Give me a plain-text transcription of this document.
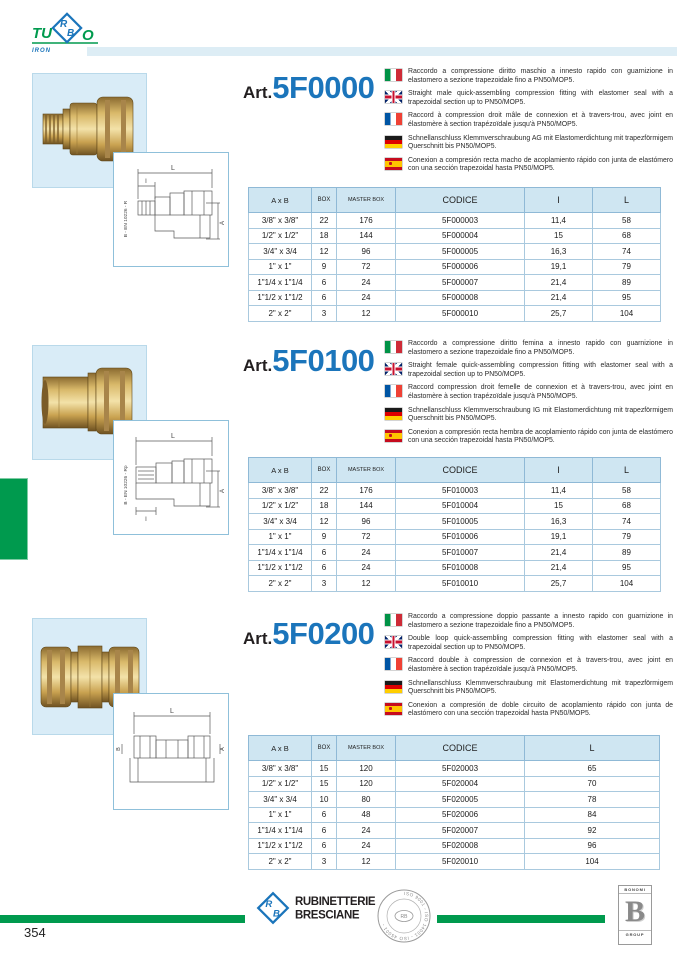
TU
R
B O
IRON
L
I
A
B - EN 10226 - R
Art. 5F0000	Raccordo a compressione diritto maschio a innesto rapido con guarnizione in elastomero a sezione trapezoidale fino a PN50/MOP5.
Straight male quick-assembling compression fitting with elastomer seal with a trapezoidal section up to PN50/MOP5.
Raccord à compression droit mâle de connexion et à travers-trou, avec joint en élastomère à section trapézoïdale jusqu'à PN50/MOP5.
Schnellanschluss Klemmverschraubung AG mit Elastomerdichtung mit trapezförmigem Querschnitt bis PN50/MOP5.
Conexion a compresión recta macho de acoplamiento rápido con junta de elastómero con una sección trapezoidal hasta PN50/MOP5.
A x B	BOX	MASTER BOX	CODICE	I	L
3/8" x 3/8"	22	176	5F000003	11,4	58
1/2" x 1/2"	18	144	5F000004	15	68
3/4" x 3/4	12	96	5F000005	16,3	74
1" x 1"	9	72	5F000006	19,1	79
1"1/4 x 1"1/4	6	24	5F000007	21,4	89
1"1/2 x 1"1/2	6	24	5F000008	21,4	95
2" x 2"	3	12	5F000010	25,7	104
L
I
A
B - EN 10226 - Rp
Art. 5F0100	Raccordo a compressione diritto femina a innesto rapido con guarnizione in elastomero a sezione trapezoidale fino a PN50/MOP5.
Straight female quick-assembling compression fitting with elastomer seal with a trapezoidal section up to PN50/MOP5.
Raccord compression droit femelle de connexion et à travers-trou, avec joint en élastomère à section trapézoïdale jusqu'à PN50/MOP5.
Schnellanschluss Klemmverschraubung IG mit Elastomerdichtung mit trapezförmigem Querschnitt bis PN50/MOP5.
Conexion a compresión recta hembra de acoplamiento rápido con junta de elastómero con una sección trapezoidal hasta PN50/MOP5.
A x B	BOX	MASTER BOX	CODICE	I	L
3/8" x 3/8"	22	176	5F010003	11,4	58
1/2" x 1/2"	18	144	5F010004	15	68
3/4" x 3/4	12	96	5F010005	16,3	74
1" x 1"	9	72	5F010006	19,1	79
1"1/4 x 1"1/4	6	24	5F010007	21,4	89
1"1/2 x 1"1/2	6	24	5F010008	21,4	95
2" x 2"	3	12	5F010010	25,7	104
L
B	A
Art. 5F0200	Raccordo a compressione doppio passante a innesto rapido con guarnizione in elastomero a sezione trapezoidale fino a PN50/MOP5.
Double loop quick-assembling compression fitting with elastomer seal with a trapezoidal section up to PN50/MOP5.
Raccord double à compression de connexion et à travers-trou, avec joint en élastomère à section trapézoïdale jusqu'à PN50/MOP5.
Schnellanschluss Klemmverschraubung mit Elastomerdichtung mit trapezförmigem Querschnitt bis PN50/MOP5.
Conexion a compresión de doble circuito de acoplamiento rápido con junta de elastómero con una sección trapezoidal hasta PN50/MOP5.
A x B	BOX	MASTER BOX	CODICE	L
3/8" x 3/8"	15	120	5F020003	65
1/2" x 1/2"	15	120	5F020004	70
3/4" x 3/4	10	80	5F020005	78
1" x 1"	6	48	5F020006	84
1"1/4 x 1"1/4	6	24	5F020007	92
1"1/2 x 1"1/2	6	24	5F020008	96
2" x 2"	3	12	5F020010	104
354
R
B
RUBINETTERIE
BRESCIANE
ISO 9001 - ISO 14001 - ISO 45001 -
RB
BONOMI
B
GROUP
